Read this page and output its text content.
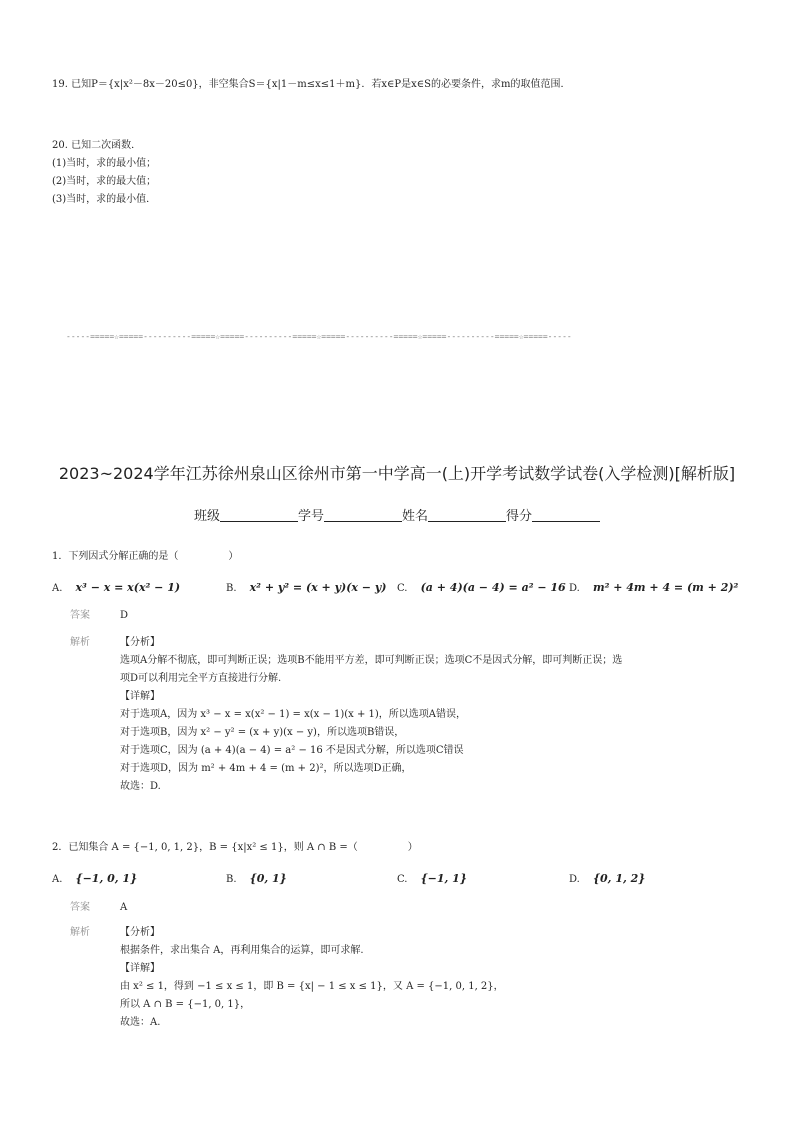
19. 已知P＝{x|x²－8x－20≤0}，非空集合S＝{x|1－m≤x≤1＋m}．若x∈P是x∈S的必要条件，求m的取值范围．
20. 已知二次函数．
(1)当时，求的最小值；
(2)当时，求的最大值；
(3)当时，求的最小值．
-----=====☆=====----------=====☆=====----------=====☆=====----------=====☆=====----------=====☆=====-----
2023~2024学年江苏徐州泉山区徐州市第一中学高一(上)开学考试数学试卷(入学检测)[解析版]
班级	学号	姓名	得分
1．下列因式分解正确的是（　　　　　）
A. x³ − x = x(x² − 1)	B. x² + y² = (x + y)(x − y) C. (a + 4)(a − 4) = a² − 16 D. m² + 4m + 4 = (m + 2)²
答案	D
解析	【分析】
选项A分解不彻底，即可判断正误；选项B不能用平方差，即可判断正误；选项C不是因式分解，即可判断正误；选
项D可以利用完全平方直接进行分解.
【详解】
对于选项A，因为 x³ − x = x(x² − 1) = x(x − 1)(x + 1)，所以选项A错误，
对于选项B，因为 x² − y² = (x + y)(x − y)，所以选项B错误，
对于选项C，因为 (a + 4)(a − 4) = a² − 16 不是因式分解，所以选项C错误
对于选项D，因为 m² + 4m + 4 = (m + 2)²，所以选项D正确，
故选：D.
2．已知集合 A = {−1, 0, 1, 2}，B = {x|x² ≤ 1}，则 A ∩ B =（　　　　　）
A. {−1, 0, 1}	B. {0, 1}	C. {−1, 1}	D. {0, 1, 2}
答案	A
解析	【分析】
根据条件，求出集合 A，再利用集合的运算，即可求解.
【详解】
由 x² ≤ 1，得到 −1 ≤ x ≤ 1，即 B = {x| − 1 ≤ x ≤ 1}，又 A = {−1, 0, 1, 2}，
所以 A ∩ B = {−1, 0, 1}，
故选：A.
